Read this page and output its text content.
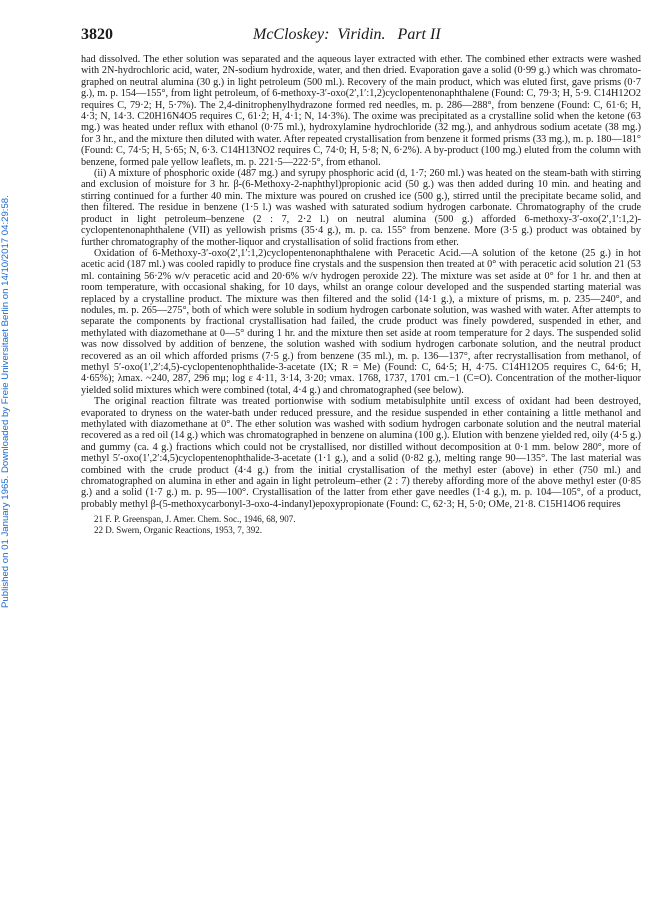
3820	McCloskey:  Viridin.   Part II
Published on 01 January 1965. Downloaded by Freie Universitaet Berlin on 14/10/2017 04:29:58.

had dissolved. The ether solution was separated and the aqueous layer extracted with ether. The combined ether extracts were washed with 2N-hydrochloric acid, water, 2N-sodium hydroxide, water, and then dried. Evaporation gave a solid (0·99 g.) which was chromatographed on neutral alumina (30 g.) in light petroleum (500 ml.). Recovery of the main product, which was eluted first, gave prisms (0·7 g.), m. p. 154—155°, from light petroleum, of 6-methoxy-3′-oxo(2′,1′:1,2)cyclopentenonaphthalene (Found: C, 79·3; H, 5·9. C14H12O2 requires C, 79·2; H, 5·7%). The 2,4-dinitrophenylhydrazone formed red needles, m. p. 286—288°, from benzene (Found: C, 61·6; H, 4·3; N, 14·3. C20H16N4O5 requires C, 61·2; H, 4·1; N, 14·3%). The oxime was precipitated as a crystalline solid when the ketone (63 mg.) was heated under reflux with ethanol (0·75 ml.), hydroxylamine hydrochloride (32 mg.), and anhydrous sodium acetate (38 mg.) for 3 hr., and the mixture then diluted with water. After repeated crystallisation from benzene it formed prisms (33 mg.), m. p. 180—181° (Found: C, 74·5; H, 5·65; N, 6·3. C14H13NO2 requires C, 74·0; H, 5·8; N, 6·2%). A by-product (100 mg.) eluted from the column with benzene, formed pale yellow leaflets, m. p. 221·5—222·5°, from ethanol.

(ii) A mixture of phosphoric oxide (487 mg.) and syrupy phosphoric acid (d, 1·7; 260 ml.) was heated on the steam-bath with stirring and exclusion of moisture for 3 hr. β-(6-Methoxy-2-naphthyl)propionic acid (50 g.) was then added during 10 min. and heating and stirring continued for a further 40 min. The mixture was poured on crushed ice (500 g.), stirred until the precipitate became solid, and then filtered. The residue in benzene (1·5 l.) was washed with saturated sodium hydrogen carbonate. Chromatography of the crude product in light petroleum–benzene (2 : 7, 2·2 l.) on neutral alumina (500 g.) afforded 6-methoxy-3′-oxo(2′,1′:1,2)-cyclopentenonaphthalene (VII) as yellowish prisms (35·4 g.), m. p. ca. 155° from benzene. More (3·5 g.) product was obtained by further chromatography of the mother-liquor and crystallisation of solid fractions from ether.

Oxidation of 6-Methoxy-3′-oxo(2′,1′:1,2)cyclopentenonaphthalene with Peracetic Acid.—A solution of the ketone (25 g.) in hot acetic acid (187 ml.) was cooled rapidly to produce fine crystals and the suspension then treated at 0° with peracetic acid solution 21 (53 ml. containing 56·2% w/v peracetic acid and 20·6% w/v hydrogen peroxide 22). The mixture was set aside at 0° for 1 hr. and then at room temperature, with occasional shaking, for 10 days, whilst an orange colour developed and the suspended starting material was replaced by a crystalline product. The mixture was then filtered and the solid (14·1 g.), a mixture of prisms, m. p. 235—240°, and nodules, m. p. 265—275°, both of which were soluble in sodium hydrogen carbonate solution, was washed with water. After attempts to separate the components by fractional crystallisation had failed, the crude product was finely powdered, suspended in ether, and methylated with diazomethane at 0—5° during 1 hr. and the mixture then set aside at room temperature for 2 days. The suspended solid was now dissolved by addition of benzene, the solution washed with sodium hydrogen carbonate solution, and the neutral product recovered as an oil which afforded prisms (7·5 g.) from benzene (35 ml.), m. p. 136—137°, after recrystallisation from methanol, of methyl 5′-oxo(1′,2′:4,5)-cyclopentenophthalide-3-acetate (IX; R = Me) (Found: C, 64·5; H, 4·75. C14H12O5 requires C, 64·6; H, 4·65%); λmax. ~240, 287, 296 mμ; log ε 4·11, 3·14, 3·20; νmax. 1768, 1737, 1701 cm.−1 (C=O). Concentration of the mother-liquor yielded solid mixtures which were combined (total, 4·4 g.) and chromatographed (see below).

The original reaction filtrate was treated portionwise with sodium metabisulphite until excess of oxidant had been destroyed, evaporated to dryness on the water-bath under reduced pressure, and the residue suspended in ether containing a little methanol and methylated with diazomethane at 0°. The ether solution was washed with sodium hydrogen carbonate solution and the neutral material recovered as a red oil (14 g.) which was chromatographed in benzene on alumina (100 g.). Elution with benzene yielded red, oily (4·5 g.) and gummy (ca. 4 g.) fractions which could not be crystallised, nor distilled without decomposition at 0·1 mm. below 280°, more of methyl 5′-oxo(1′,2′:4,5)cyclopentenophthalide-3-acetate (1·1 g.), and a solid (0·82 g.), melting range 90—135°. The last material was combined with the crude product (4·4 g.) from the initial crystallisation of the methyl ester (above) in ether (750 ml.) and chromatographed on alumina in ether and again in light petroleum–ether (2 : 7) thereby affording more of the above methyl ester (0·85 g.) and a solid (1·7 g.) m. p. 95—100°. Crystallisation of the latter from ether gave needles (1·4 g.), m. p. 104—105°, of a product, probably methyl β-(5-methoxycarbonyl-3-oxo-4-indanyl)epoxypropionate (Found: C, 62·3; H, 5·0; OMe, 21·8. C15H14O6 requires

21 F. P. Greenspan, J. Amer. Chem. Soc., 1946, 68, 907.
22 D. Swern, Organic Reactions, 1953, 7, 392.
